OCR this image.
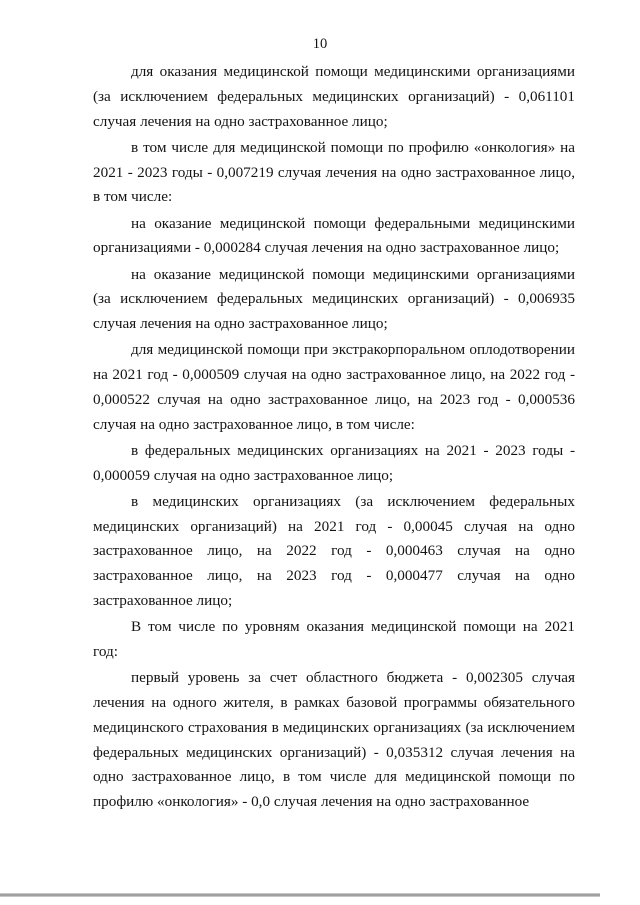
10

для оказания медицинской помощи медицинскими организациями (за исключением федеральных медицинских организаций) - 0,061101 случая лечения на одно застрахованное лицо;

в том числе для медицинской помощи по профилю «онкология» на 2021 - 2023 годы - 0,007219 случая лечения на одно застрахованное лицо, в том числе:

на оказание медицинской помощи федеральными медицинскими организациями - 0,000284 случая лечения на одно застрахованное лицо;

на оказание медицинской помощи медицинскими организациями (за исключением федеральных медицинских организаций) - 0,006935 случая лечения на одно застрахованное лицо;

для медицинской помощи при экстракорпоральном оплодотворении на 2021 год - 0,000509 случая на одно застрахованное лицо, на 2022 год - 0,000522 случая на одно застрахованное лицо, на 2023 год - 0,000536 случая на одно застрахованное лицо, в том числе:

в федеральных медицинских организациях на 2021 - 2023 годы - 0,000059 случая на одно застрахованное лицо;

в медицинских организациях (за исключением федеральных медицинских организаций) на 2021 год - 0,00045 случая на одно застрахованное лицо, на 2022 год - 0,000463 случая на одно застрахованное лицо, на 2023 год - 0,000477 случая на одно застрахованное лицо;

В том числе по уровням оказания медицинской помощи на 2021 год:

первый уровень за счет областного бюджета - 0,002305 случая лечения на одного жителя, в рамках базовой программы обязательного медицинского страхования в медицинских организациях (за исключением федеральных медицинских организаций) - 0,035312 случая лечения на одно застрахованное лицо, в том числе для медицинской помощи по профилю «онкология» - 0,0 случая лечения на одно застрахованное
